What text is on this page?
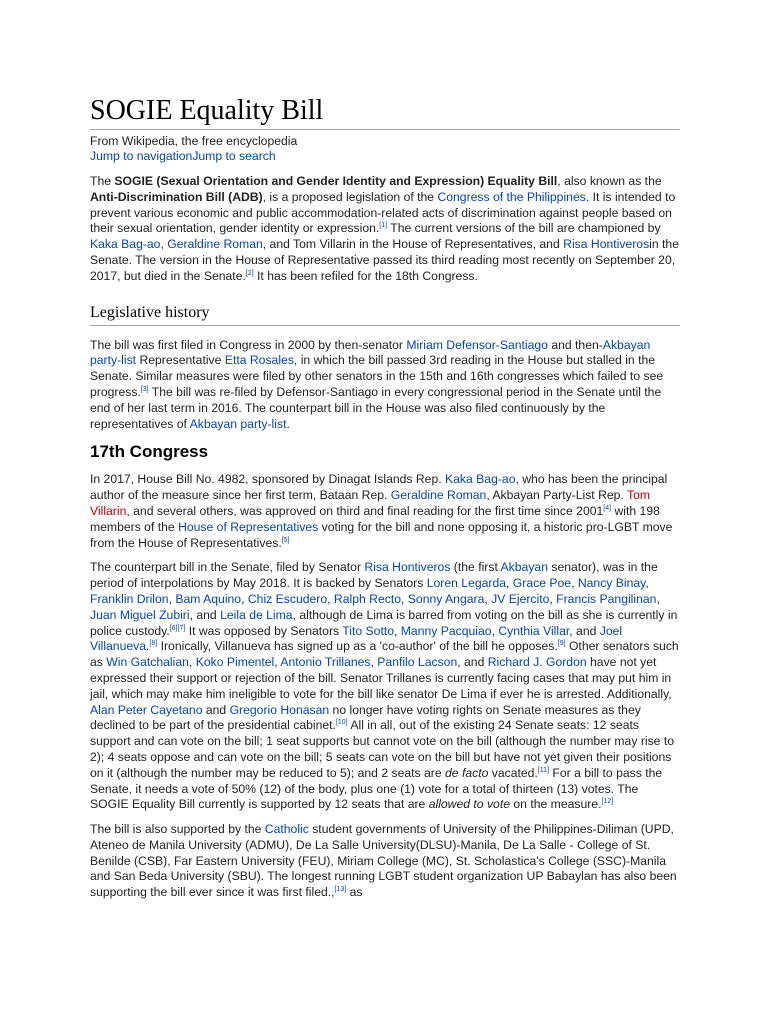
SOGIE Equality Bill
From Wikipedia, the free encyclopedia
Jump to navigationJump to search

The SOGIE (Sexual Orientation and Gender Identity and Expression) Equality Bill, also known as the Anti-Discrimination Bill (ADB), is a proposed legislation of the Congress of the Philippines. It is intended to prevent various economic and public accommodation-related acts of discrimination against people based on their sexual orientation, gender identity or expression.[1] The current versions of the bill are championed by Kaka Bag-ao, Geraldine Roman, and Tom Villarin in the House of Representatives, and Risa Hontiverosin the Senate. The version in the House of Representative passed its third reading most recently on September 20, 2017, but died in the Senate.[2] It has been refiled for the 18th Congress.

Legislative history

The bill was first filed in Congress in 2000 by then-senator Miriam Defensor-Santiago and then-Akbayan party-list Representative Etta Rosales, in which the bill passed 3rd reading in the House but stalled in the Senate. Similar measures were filed by other senators in the 15th and 16th congresses which failed to see progress.[3] The bill was re-filed by Defensor-Santiago in every congressional period in the Senate until the end of her last term in 2016. The counterpart bill in the House was also filed continuously by the representatives of Akbayan party-list.

17th Congress

In 2017, House Bill No. 4982, sponsored by Dinagat Islands Rep. Kaka Bag-ao, who has been the principal author of the measure since her first term, Bataan Rep. Geraldine Roman, Akbayan Party-List Rep. Tom Villarin, and several others, was approved on third and final reading for the first time since 2001[4] with 198 members of the House of Representatives voting for the bill and none opposing it, a historic pro-LGBT move from the House of Representatives.[5]

The counterpart bill in the Senate, filed by Senator Risa Hontiveros (the first Akbayan senator), was in the period of interpolations by May 2018. It is backed by Senators Loren Legarda, Grace Poe, Nancy Binay, Franklin Drilon, Bam Aquino, Chiz Escudero, Ralph Recto, Sonny Angara, JV Ejercito, Francis Pangilinan, Juan Miguel Zubiri, and Leila de Lima, although de Lima is barred from voting on the bill as she is currently in police custody.[6][7] It was opposed by Senators Tito Sotto, Manny Pacquiao, Cynthia Villar, and Joel Villanueva.[8] Ironically, Villanueva has signed up as a 'co-author' of the bill he opposes.[9] Other senators such as Win Gatchalian, Koko Pimentel, Antonio Trillanes, Panfilo Lacson, and Richard J. Gordon have not yet expressed their support or rejection of the bill. Senator Trillanes is currently facing cases that may put him in jail, which may make him ineligible to vote for the bill like senator De Lima if ever he is arrested. Additionally, Alan Peter Cayetano and Gregorio Honasan no longer have voting rights on Senate measures as they declined to be part of the presidential cabinet.[10] All in all, out of the existing 24 Senate seats: 12 seats support and can vote on the bill; 1 seat supports but cannot vote on the bill (although the number may rise to 2); 4 seats oppose and can vote on the bill; 5 seats can vote on the bill but have not yet given their positions on it (although the number may be reduced to 5); and 2 seats are de facto vacated.[11] For a bill to pass the Senate, it needs a vote of 50% (12) of the body, plus one (1) vote for a total of thirteen (13) votes. The SOGIE Equality Bill currently is supported by 12 seats that are allowed to vote on the measure.[12]

The bill is also supported by the Catholic student governments of University of the Philippines-Diliman (UPD, Ateneo de Manila University (ADMU), De La Salle University(DLSU)-Manila, De La Salle - College of St. Benilde (CSB), Far Eastern University (FEU), Miriam College (MC), St. Scholastica's College (SSC)-Manila and San Beda University (SBU). The longest running LGBT student organization UP Babaylan has also been supporting the bill ever since it was first filed.,[13] as
